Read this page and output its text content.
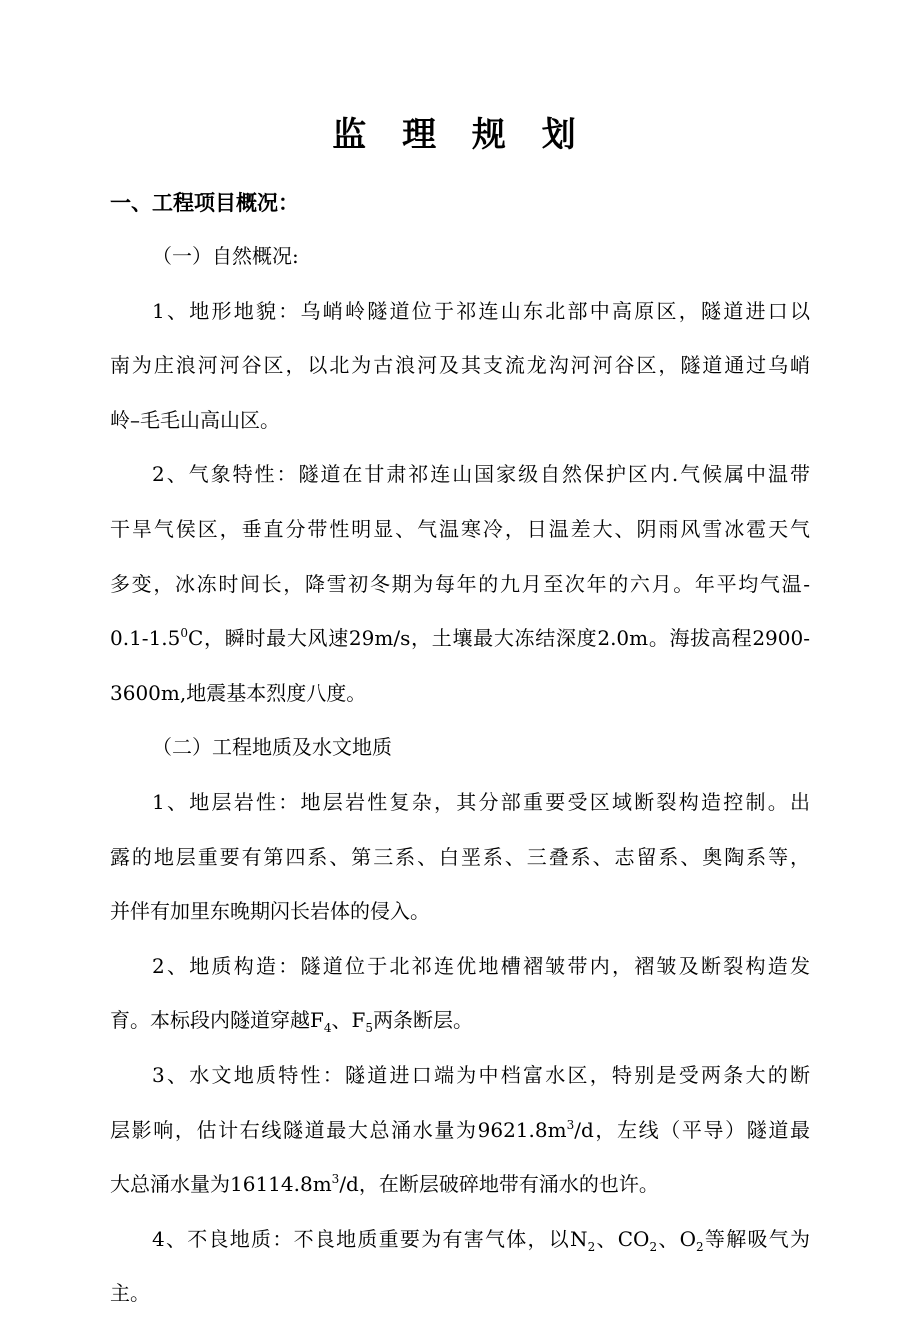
监 理 规 划
一、工程项目概况：
（一）自然概况:
1、地形地貌：乌峭岭隧道位于祁连山东北部中高原区，隧道进口以
南为庄浪河河谷区，以北为古浪河及其支流龙沟河河谷区，隧道通过乌峭
岭–毛毛山高山区。
2、气象特性：隧道在甘肃祁连山国家级自然保护区内.气候属中温带
干旱气侯区，垂直分带性明显、气温寒冷，日温差大、阴雨风雪冰雹天气
多变，冰冻时间长，降雪初冬期为每年的九月至次年的六月。年平均气温-
$0.1-1.5^0C$，瞬时最大风速29m/s，土壤最大冻结深度2.0m。海拔高程2900-
3600m,地震基本烈度八度。
（二）工程地质及水文地质
1、地层岩性：地层岩性复杂，其分部重要受区域断裂构造控制。出
露的地层重要有第四系、第三系、白垩系、三叠系、志留系、奥陶系等，
并伴有加里东晚期闪长岩体的侵入。
2、地质构造：隧道位于北祁连优地槽褶皱带内，褶皱及断裂构造发
育。本标段内隧道穿越$F_4$、$F_5$两条断层。
3、水文地质特性：隧道进口端为中档富水区，特别是受两条大的断
层影响，估计右线隧道最大总涌水量为$9621.8m^3/d$，左线（平导）隧道最
大总涌水量为$16114.8m^3/d$，在断层破碎地带有涌水的也许。
4、不良地质：不良地质重要为有害气体，以$N_2$、$CO_2$、$O_2$等解吸气为
主。
